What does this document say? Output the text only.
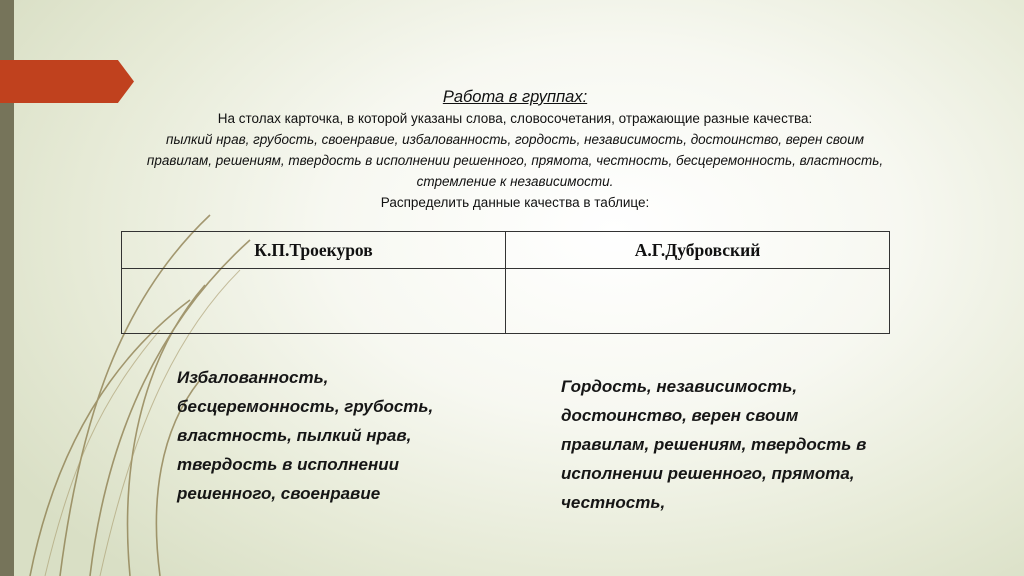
Работа в группах:
На столах карточка, в которой указаны слова, словосочетания, отражающие разные качества:
пылкий нрав, грубость, своенравие, избалованность, гордость, независимость, достоинство, верен своим
правилам, решениям, твердость в исполнении решенного, прямота, честность, бесцеремонность, властность,
стремление к независимости.
Распределить данные качества в таблице:
К.П.Троекуров	А.Г.Дубровский

Избалованность,
бесцеремонность, грубость,
властность, пылкий нрав,
твердость в исполнении
решенного, своенравие
Гордость, независимость,
достоинство, верен своим
правилам, решениям, твердость в
исполнении решенного, прямота,
честность,
